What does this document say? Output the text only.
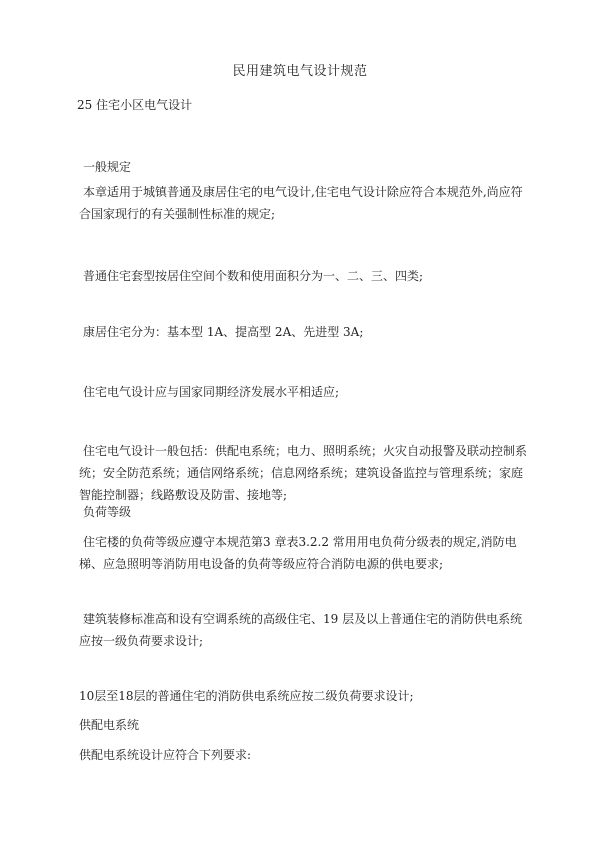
民用建筑电气设计规范
25 住宅小区电气设计
一般规定
本章适用于城镇普通及康居住宅的电气设计,住宅电气设计除应符合本规范外,尚应符合国家现行的有关强制性标准的规定;
普通住宅套型按居住空间个数和使用面积分为一、二、三、四类;
康居住宅分为：基本型 1A、提高型 2A、先进型 3A;
住宅电气设计应与国家同期经济发展水平相适应;
住宅电气设计一般包括：供配电系统；电力、照明系统；火灾自动报警及联动控制系统；安全防范系统；通信网络系统；信息网络系统；建筑设备监控与管理系统；家庭智能控制器；线路敷设及防雷、接地等;
负荷等级
住宅楼的负荷等级应遵守本规范第3 章表3.2.2 常用用电负荷分级表的规定,消防电梯、应急照明等消防用电设备的负荷等级应符合消防电源的供电要求;
建筑装修标准高和设有空调系统的高级住宅、19 层及以上普通住宅的消防供电系统应按一级负荷要求设计;
10层至18层的普通住宅的消防供电系统应按二级负荷要求设计;
供配电系统
供配电系统设计应符合下列要求:
